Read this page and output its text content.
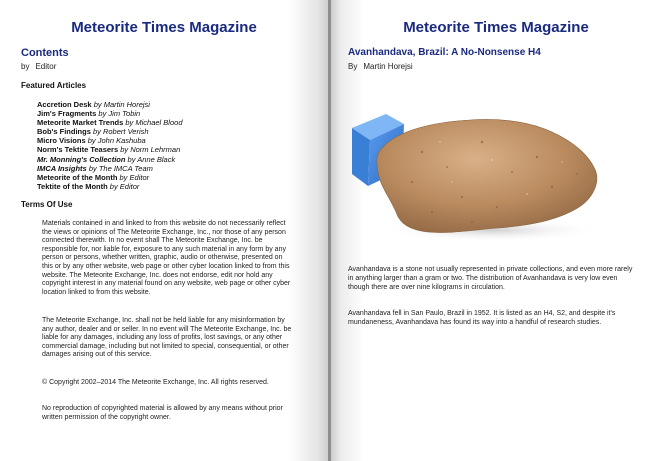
Meteorite Times Magazine
Contents
by Editor
Featured Articles
Accretion Desk by Martin Horejsi
Jim's Fragments by Jim Tobin
Meteorite Market Trends by Michael Blood
Bob's Findings by Robert Verish
Micro Visions by John Kashuba
Norm's Tektite Teasers by Norm Lehrman
Mr. Monning's Collection by Anne Black
IMCA Insights by The IMCA Team
Meteorite of the Month by Editor
Tektite of the Month by Editor
Terms Of Use

Materials contained in and linked to from this website do not necessarily reflect the views or opinions of The Meteorite Exchange, Inc., nor those of any person connected therewith. In no event shall The Meteorite Exchange, Inc. be responsible for, nor liable for, exposure to any such material in any form by any person or persons, whether written, graphic, audio or otherwise, presented on this or by any other website, web page or other cyber location linked to from this website. The Meteorite Exchange, Inc. does not endorse, edit nor hold any copyright interest in any material found on any website, web page or other cyber location linked to from this website.

The Meteorite Exchange, Inc. shall not be held liable for any misinformation by any author, dealer and or seller. In no event will The Meteorite Exchange, Inc. be liable for any damages, including any loss of profits, lost savings, or any other commercial damage, including but not limited to special, consequential, or other damages arising out of this service.

© Copyright 2002–2014 The Meteorite Exchange, Inc. All rights reserved.

No reproduction of copyrighted material is allowed by any means without prior written permission of the copyright owner.

Meteorite Times Magazine
Avanhandava, Brazil: A No-Nonsense H4
By Martin Horejsi

Avanhandava is a stone not usually represented in private collections, and even more rarely in anything larger than a gram or two. The distribution of Avanhandava is very low even though there are over nine kilograms in circulation.

Avanhandava fell in San Paulo, Brazil in 1952. It is listed as an H4, S2, and despite it's mundaneness, Avanhandava has found its way into a handful of research studies.
